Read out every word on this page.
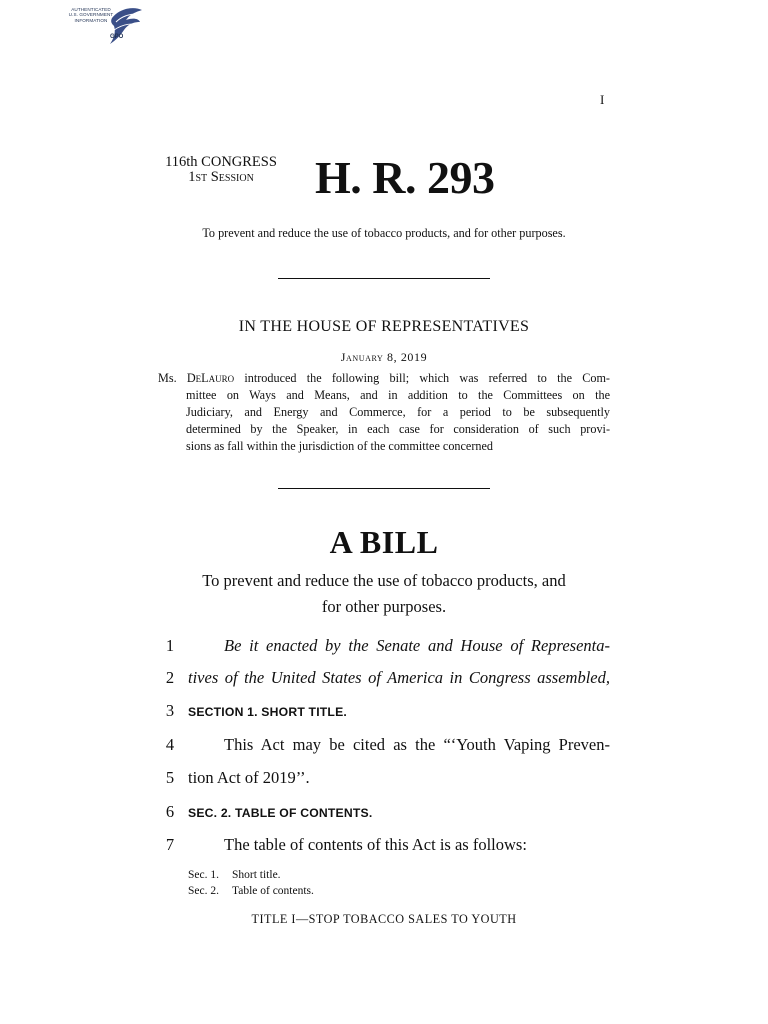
AUTHENTICATED
U.S. GOVERNMENT
INFORMATION
GPO
I
116th CONGRESS
1st Session	H. R. 293
To prevent and reduce the use of tobacco products, and for other purposes.
IN THE HOUSE OF REPRESENTATIVES
January 8, 2019
Ms. DeLauro introduced the following bill; which was referred to the Com-
mittee on Ways and Means, and in addition to the Committees on the
Judiciary, and Energy and Commerce, for a period to be subsequently
determined by the Speaker, in each case for consideration of such provi-
sions as fall within the jurisdiction of the committee concerned
A BILL
To prevent and reduce the use of tobacco products, and
for other purposes.
1	Be it enacted by the Senate and House of Representa-
2 tives of the United States of America in Congress assembled,
3	SECTION 1. SHORT TITLE.
4	This Act may be cited as the “‘Youth Vaping Preven-
5 tion Act of 2019’’.
6	SEC. 2. TABLE OF CONTENTS.
7	The table of contents of this Act is as follows:
Sec. 1. Short title.
Sec. 2. Table of contents.
TITLE I—STOP TOBACCO SALES TO YOUTH
